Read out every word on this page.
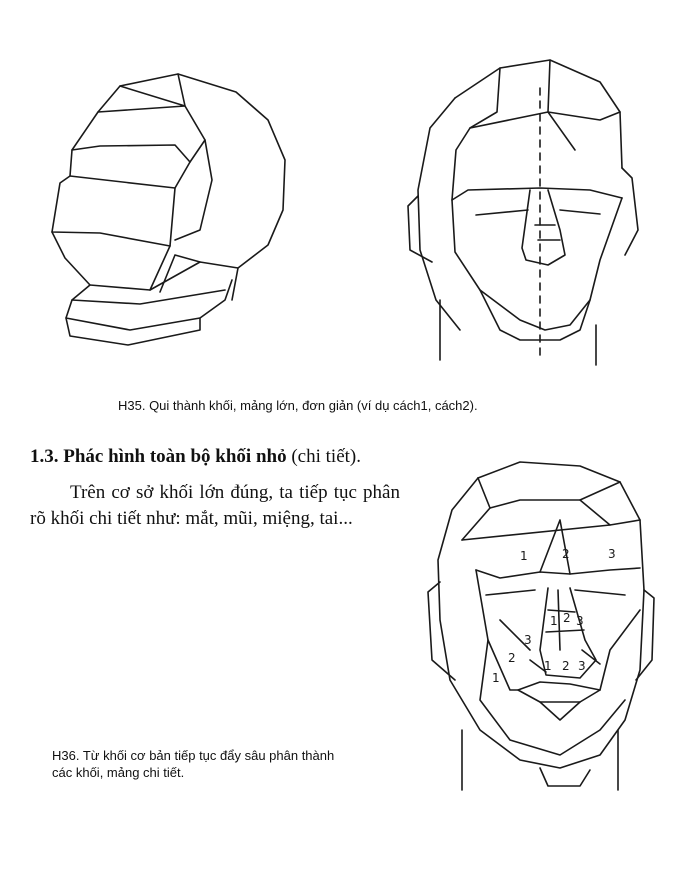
H35. Qui thành khối, mảng lớn, đơn giản (ví dụ cách1, cách2).
1.3. Phác hình toàn bộ khối nhỏ (chi tiết).
Trên cơ sở khối lớn đúng, ta tiếp tục phân rõ khối chi tiết như: mắt, mũi, miệng, tai...
1	2	3
1 2 3
3
2
1
1 2 3
H36. Từ khối cơ bản tiếp tục đẩy sâu phân thành
các khối, mảng chi tiết.
